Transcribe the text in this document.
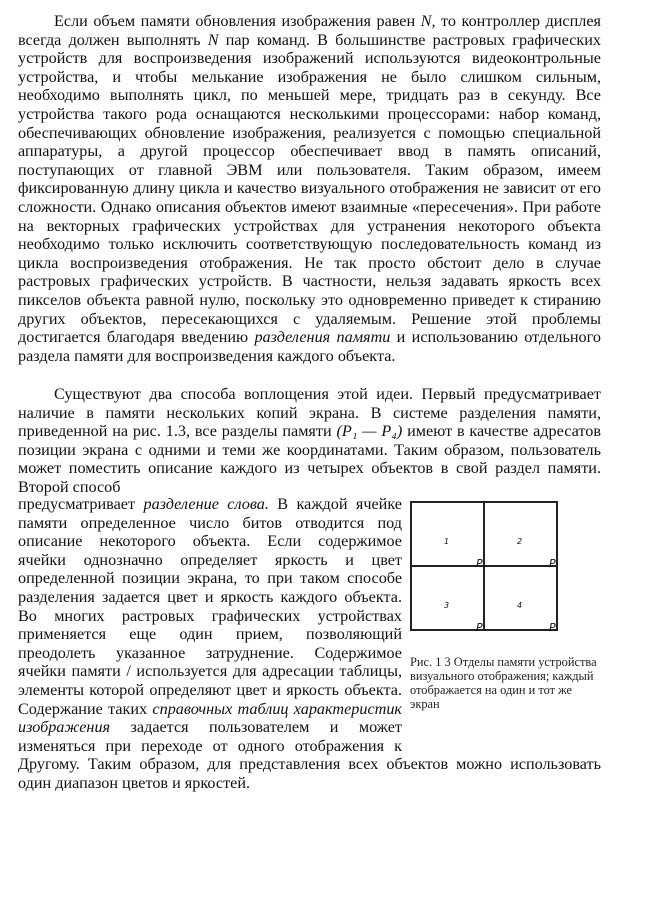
Если объем памяти обновления изображения равен N, то контроллер дисплея всегда должен выполнять N пар команд. В большинстве растровых графических устройств для воспроизведения изображений используются видеоконтрольные устройства, и чтобы мелькание изображения не было слишком сильным, необходимо выполнять цикл, по меньшей мере, тридцать раз в секунду. Все устройства такого рода оснащаются несколькими процессорами: набор команд, обеспечивающих обновление изображения, реализуется с помощью специальной аппаратуры, а другой процессор обеспечивает ввод в память описаний, поступающих от главной ЭВМ или пользователя. Таким образом, имеем фиксированную длину цикла и качество визуального отображения не зависит от его сложности. Однако описания объектов имеют взаимные «пересечения». При работе на векторных графических устройствах для устранения некоторого объекта необходимо только исключить соответствующую последовательность команд из цикла воспроизведения отображения. Не так просто обстоит дело в случае растровых графических устройств. В частности, нельзя задавать яркость всех пикселов объекта равной нулю, поскольку это одновременно приведет к стиранию других объектов, пересекающихся с удаляемым. Решение этой проблемы достигается благодаря введению разделения памяти и использованию отдельного раздела памяти для воспроизведения каждого объекта.

Существуют два способа воплощения этой идеи. Первый предусматривает наличие в памяти нескольких копий экрана. В системе разделения памяти, приведенной на рис. 1.3, все разделы памяти (P₁ — P₄) имеют в качестве адресатов позиции экрана с одними и теми же координатами. Таким образом, пользователь может поместить описание каждого из четырех объектов в свой раздел памяти. Второй способ

P
$_1$
P
$_2$
P
$_3$
P
$_4$
Рис. 1 3 Отделы памяти устройства визуального отображения; каждый отображается на один и тот же экран

предусматривает разделение слова. В каждой ячейке памяти определенное число битов отводится под описание некоторого объекта. Если содержимое ячейки однозначно определяет яркость и цвет определенной позиции экрана, то при таком способе разделения задается цвет и яркость каждого объекта. Во многих растровых графических устройствах применяется еще один прием, позволяющий преодолеть указанное затруднение. Содержимое ячейки памяти / используется для адресации таблицы, элементы которой определяют цвет и яркость объекта. Содержание таких справочных таблиц характеристик изображения задается пользователем и может изменяться при переходе от одного отображения к Другому. Таким образом, для представления всех объектов можно использовать один диапазон цветов и яркостей.
